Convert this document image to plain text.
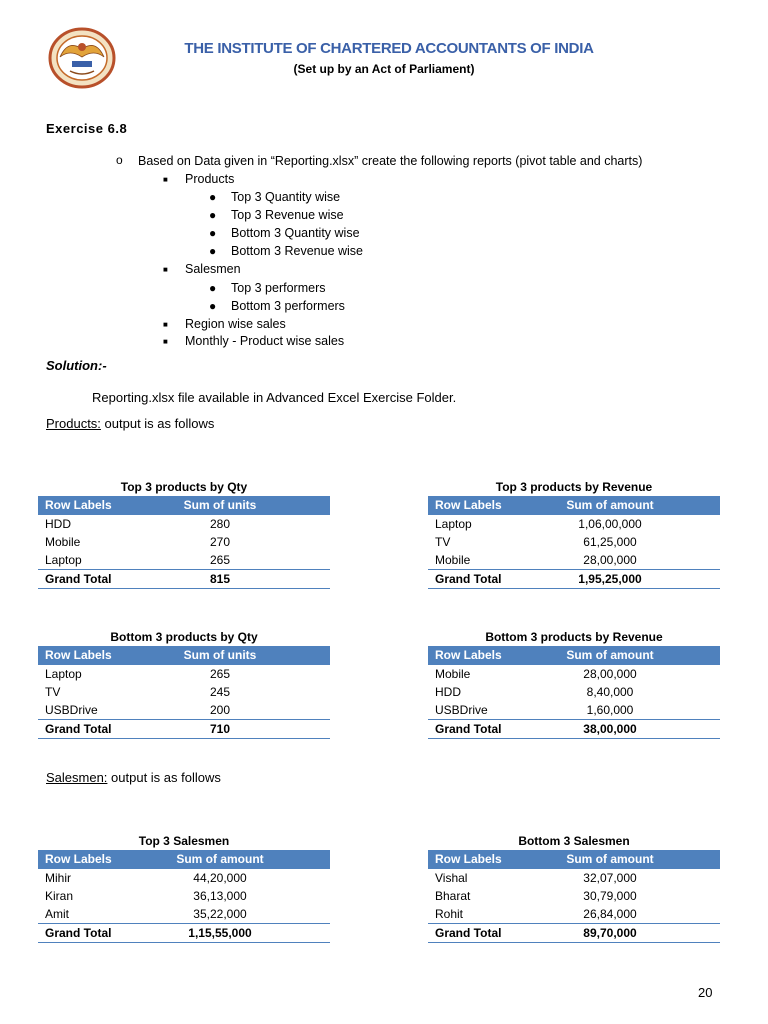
THE INSTITUTE OF CHARTERED ACCOUNTANTS OF INDIA
(Set up by an Act of Parliament)
Exercise 6.8
o Based on Data given in “Reporting.xlsx” create the following reports (pivot table and charts)
■ Products
● Top 3 Quantity wise
● Top 3 Revenue wise
● Bottom 3 Quantity wise
● Bottom 3 Revenue wise
■ Salesmen
● Top 3 performers
● Bottom 3 performers
■ Region wise sales
■ Monthly - Product wise sales
Solution:-
Reporting.xlsx file available in Advanced Excel Exercise Folder.
Products: output is as follows
Top 3 products by Qty
Row Labels	Sum of units
HDD	280
Mobile	270
Laptop	265
Grand Total	815
Top 3 products by Revenue
Row Labels	Sum of amount
Laptop	1,06,00,000
TV	61,25,000
Mobile	28,00,000
Grand Total	1,95,25,000
Bottom 3 products by Qty
Row Labels	Sum of units
Laptop	265
TV	245
USBDrive	200
Grand Total	710
Bottom 3 products by Revenue
Row Labels	Sum of amount
Mobile	28,00,000
HDD	8,40,000
USBDrive	1,60,000
Grand Total	38,00,000
Salesmen: output is as follows
Top 3 Salesmen
Row Labels	Sum of amount
Mihir	44,20,000
Kiran	36,13,000
Amit	35,22,000
Grand Total	1,15,55,000
Bottom 3 Salesmen
Row Labels	Sum of amount
Vishal	32,07,000
Bharat	30,79,000
Rohit	26,84,000
Grand Total	89,70,000
20
